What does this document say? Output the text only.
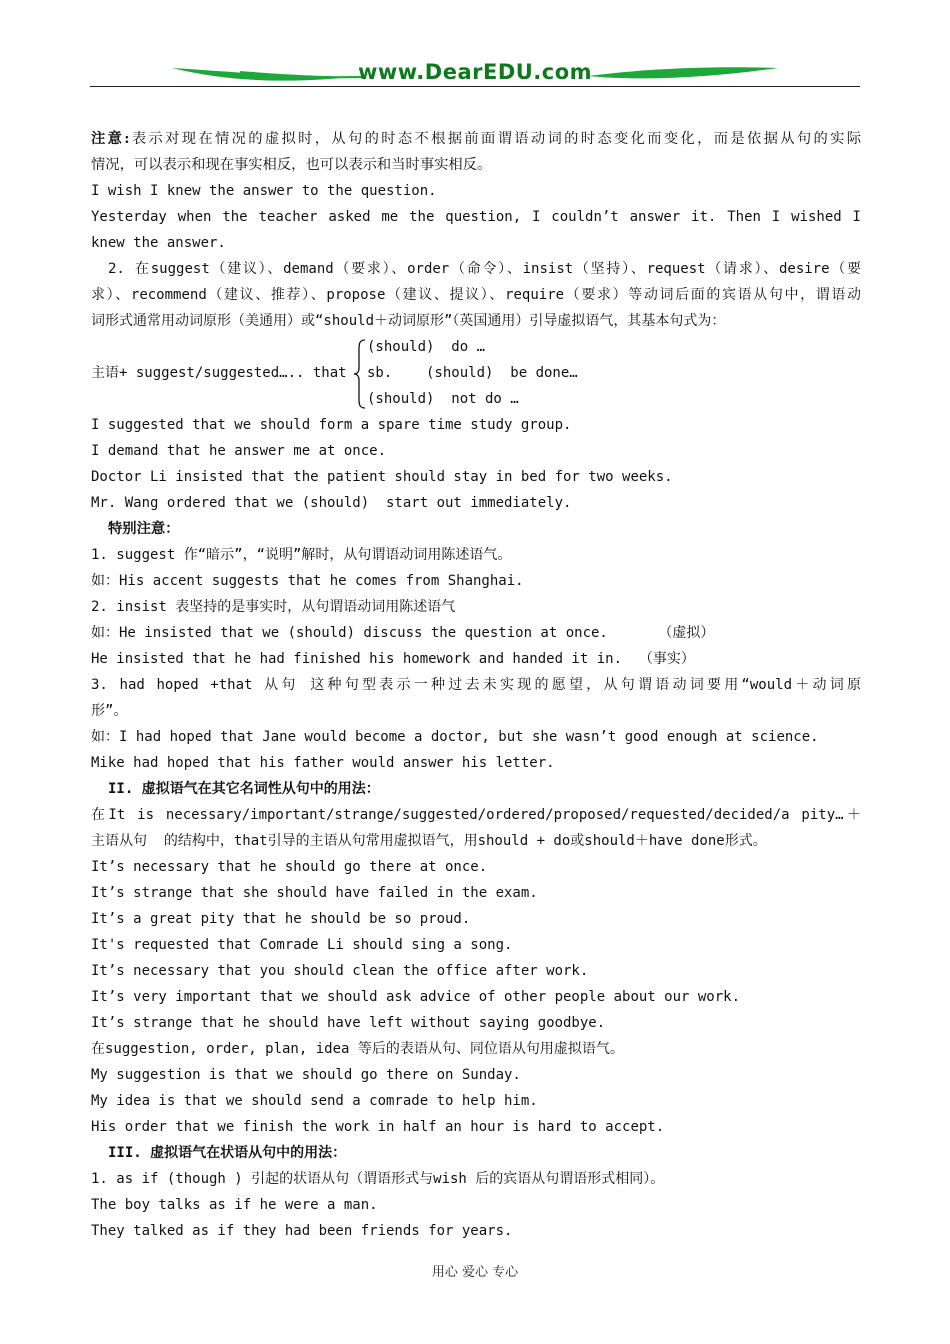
www.DearEDU.com
注意:表示对现在情况的虚拟时，从句的时态不根据前面谓语动词的时态变化而变化，而是依据从句的实际
情况，可以表示和现在事实相反，也可以表示和当时事实相反。
I wish I knew the answer to the question.
Yesterday when the teacher asked me the question, I couldn’t answer it. Then I wished I
knew the answer.
2. 在suggest（建议）、demand（要求）、order（命令）、insist（坚持）、request（请求）、desire（要
求）、recommend（建议、推荐）、propose（建议、提议）、require（要求）等动词后面的宾语从句中，谓语动
词形式通常用动词原形（美通用）或“should＋动词原形”（英国通用）引导虚拟语气，其基本句式为：
主语+ suggest/suggested….. that
(should)  do …
sb.    (should)  be done…
(should)  not do …
I suggested that we should form a spare time study group.
I demand that he answer me at once.
Doctor Li insisted that the patient should stay in bed for two weeks.
Mr. Wang ordered that we (should)  start out immediately.
特别注意：
1. suggest 作“暗示”，“说明”解时，从句谓语动词用陈述语气。
如：His accent suggests that he comes from Shanghai.
2. insist 表坚持的是事实时，从句谓语动词用陈述语气
如：He insisted that we (should) discuss the question at once.      （虚拟）
He insisted that he had finished his homework and handed it in.  （事实）
3. had hoped +that 从句 这种句型表示一种过去未实现的愿望，从句谓语动词要用“would＋动词原
形”。
如：I had hoped that Jane would become a doctor, but she wasn’t good enough at science.
Mike had hoped that his father would answer his letter.
II. 虚拟语气在其它名词性从句中的用法：
在It is necessary/important/strange/suggested/ordered/proposed/requested/decided/a pity…＋
主语从句  的结构中，that引导的主语从句常用虚拟语气，用should + do或should＋have done形式。
It’s necessary that he should go there at once.
It’s strange that she should have failed in the exam.
It’s a great pity that he should be so proud.
It's requested that Comrade Li should sing a song.
It’s necessary that you should clean the office after work.
It’s very important that we should ask advice of other people about our work.
It’s strange that he should have left without saying goodbye.
在suggestion, order, plan, idea 等后的表语从句、同位语从句用虚拟语气。
My suggestion is that we should go there on Sunday.
My idea is that we should send a comrade to help him.
His order that we finish the work in half an hour is hard to accept.
III. 虚拟语气在状语从句中的用法：
1. as if (though ) 引起的状语从句（谓语形式与wish 后的宾语从句谓语形式相同）。
The boy talks as if he were a man.
They talked as if they had been friends for years.
用心 爱心 专心
